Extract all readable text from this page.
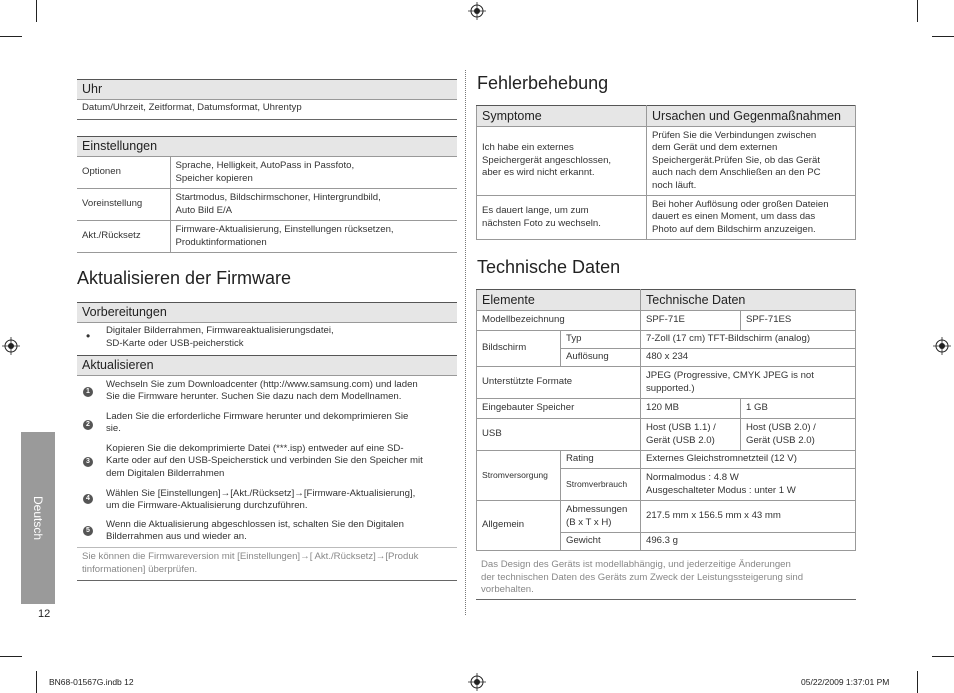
Uhr
Datum/Uhrzeit, Zeitformat, Datumsformat, Uhrentyp
Einstellungen
Optionen	Sprache, Helligkeit, AutoPass in Passfoto,
Speicher kopieren
Voreinstellung	Startmodus, Bildschirmschoner, Hintergrundbild,
Auto Bild E/A
Akt./Rücksetz	Firmware-Aktualisierung, Einstellungen rücksetzen,
Produktinformationen
Aktualisieren der Firmware
Vorbereitungen
• Digitaler Bilderrahmen, Firmwareaktualisierungsdatei,
SD-Karte oder USB-peicherstick
Aktualisieren
1
Wechseln Sie zum Downloadcenter (http://www.samsung.com) und laden
Sie die Firmware herunter. Suchen Sie dazu nach dem Modellnamen.
2
Laden Sie die erforderliche Firmware herunter und dekomprimieren Sie
sie.
3
Kopieren Sie die dekomprimierte Datei (***.isp) entweder auf eine SD-
Karte oder auf den USB-Speicherstick und verbinden Sie den Speicher mit
dem Digitalen Bilderrahmen
4	Wählen Sie [Einstellungen]→[Akt./Rücksetz]→[Firmware-Aktualisierung],
um die Firmware-Aktualisierung durchzuführen.
5
Wenn die Aktualisierung abgeschlossen ist, schalten Sie den Digitalen
Bilderrahmen aus und wieder an.
Sie können die Firmwareversion mit [Einstellungen]→[ Akt./Rücksetz]→[Produk
tinformationen] überprüfen.
Deutsch
12
Fehlerbehebung
Symptome	Ursachen und Gegenmaßnahmen
Ich habe ein externes
Speichergerät angeschlossen,
aber es wird nicht erkannt.	Prüfen Sie die Verbindungen zwischen
dem Gerät und dem externen
Speichergerät.Prüfen Sie, ob das Gerät
auch nach dem Anschließen an den PC
noch läuft.
Es dauert lange, um zum
nächsten Foto zu wechseln.	Bei hoher Auflösung oder großen Dateien
dauert es einen Moment, um dass das
Photo auf dem Bildschirm anzuzeigen.
Technische Daten
Elemente		Technische Daten	
Modellbezeichnung		SPF-71E	SPF-71ES
Bildschirm	Typ	7-Zoll (17 cm) TFT-Bildschirm (analog)	
	Auflösung	480 x 234	
Unterstützte Formate		JPEG (Progressive, CMYK JPEG is not
supported.)	
Eingebauter Speicher		120 MB	1 GB
USB		Host (USB 1.1) /
Gerät (USB 2.0)	Host (USB 2.0) /
Gerät (USB 2.0)
Stromversorgung	Rating	Externes Gleichstromnetzteil (12 V)	
	Stromverbrauch	Normalmodus : 4.8 W
Ausgeschalteter Modus : unter 1 W	
Allgemein	Abmessungen
(B x T x H)	217.5 mm x 156.5 mm x 43 mm	
	Gewicht	496.3 g	
Das Design des Geräts ist modellabhängig, und jederzeitige Änderungen
der technischen Daten des Geräts zum Zweck der Leistungssteigerung sind
vorbehalten.
BN68-01567G.indb 12	05/22/2009 1:37:01 PM
